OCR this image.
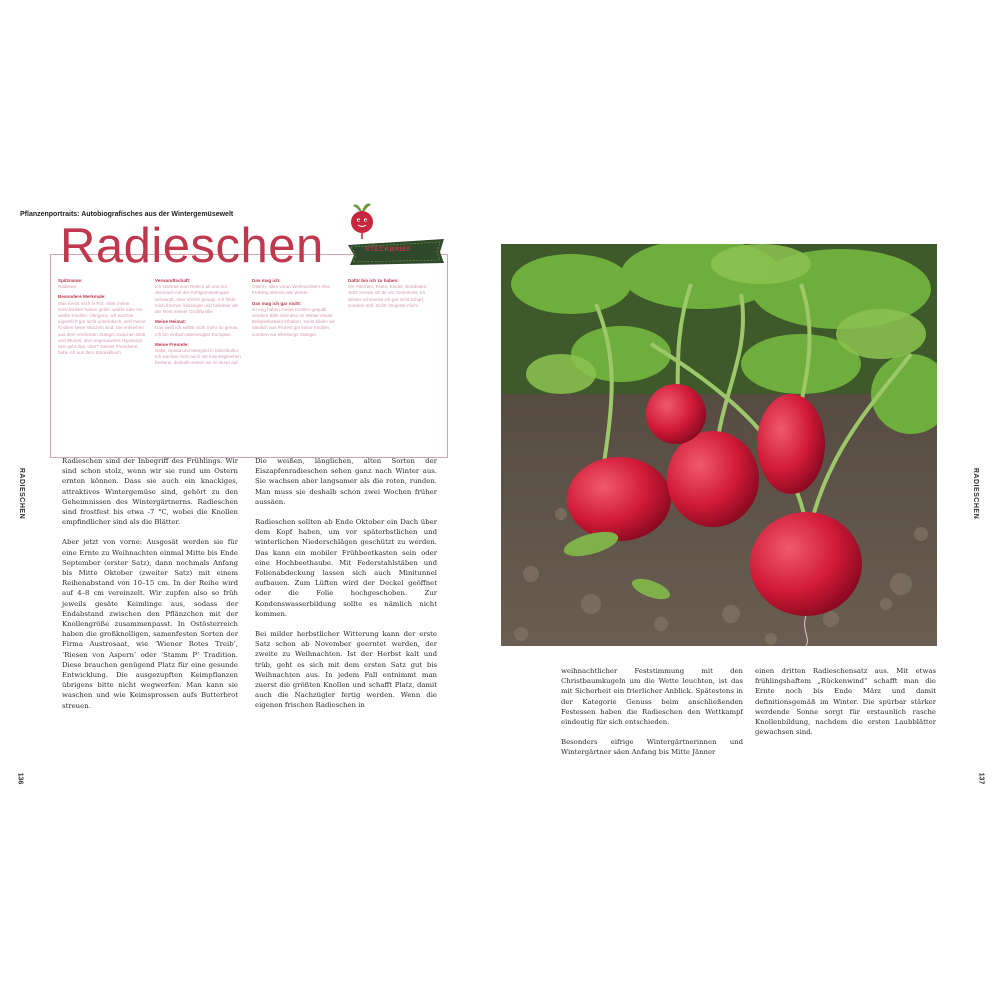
Pflanzenportraits: Autobiografisches aus der Wintergemüsewelt
RADIESCHEN	RADIESCHEN
136	137
Radieschen	STECKBRIEF
Spitzname:
Radieser
Besondere Merkmale:
Man kennt mich in Rot. Aber meine Geschwister haben gelbe, weiße oder rot-weiße Knollen. Übrigens: Ich wachse eigentlich gar nicht unterirdisch, weil meine Knollen keine Wurzeln sind. Sie entstehen aus dem verdickten Stängel zwischen Blatt und Wurzel, dem sogenannten Hypokotyl. Wie geht das, oder? Dieses Fremdwort habe ich aus dem Botanikbuch.
Verwandtschaft:
Ich stamme vom Rettich ab und bin demnach mit der Kohlgemüsetruppe verwandt. Aber ehrlich gesagt: Ich fühle mich frischer, knackiger und beliebter als der Rest meiner Großfamilie.
Meine Heimat:
Das weiß ich selbst nicht mehr so genau. Ich bin einfach überzeugter Europäer.
Meine Freunde:
Salat, Spinat und Mangold in Mischkultur. Ich wachse mich auch mit meinesgleichen bestens, deshalb setzen wir im Bund auf.
Das mag ich:
Ostern, allen voran Weihnachten! Also Frühling ebenso wie Winter.
Das mag ich gar nicht:
zu eng haben meine Knollen gequält werden! Bitte seid also im Winter etwas Beispiellastend erhalten, sonst bilden wir nämlich aus Protest gar keine Knollen, sondern nur ellenlange Stängel.
Dafür bin ich zu haben:
Sie Pärchen, Feste, Kinder, Brotdosen. Jetzt verrate ich dir ein Geheimnis: Im Winter schmecke ich gar nicht scharf, sondern süß. Echt! Vergesst mich!

Radieschen sind der Inbegriff des Frühlings. Wir sind schon stolz, wenn wir sie rund um Ostern ernten können. Dass sie auch ein knackiges, attraktives Wintergemüse sind, gehört zu den Geheimnissen des Wintergärtnerns. Radieschen sind frostfest bis etwa -7 °C, wobei die Knollen empfindlicher sind als die Blätter.

Aber jetzt von vorne: Ausgesät werden sie für eine Ernte zu Weihnachten einmal Mitte bis Ende September (erster Satz), dann nochmals Anfang bis Mitte Oktober (zweiter Satz) mit einem Reihenabstand von 10–15 cm. In der Reihe wird auf 4–8 cm vereinzelt. Wir zupfen also so früh jeweils gesäte Keimlinge aus, sodass der Endabstand zwischen den Pflänzchen mit der Knollengröße zusammenpasst. In Ostösterreich haben die großknolligen, samenfesten Sorten der Firma Austrosaat, wie ‘Wiener Rotes Treib’, ‘Riesen von Aspern’ oder ‘Stamm P’ Tradition. Diese brauchen genügend Platz für eine gesunde Entwicklung. Die ausgezupften Keimpflanzen übrigens bitte nicht wegwerfen. Man kann sie waschen und wie Keimsprossen aufs Butterbrot streuen.

Die weißen, länglichen, alten Sorten der Eiszapfenradieschen sehen ganz nach Winter aus. Sie wachsen aber langsamer als die roten, runden. Man muss sie deshalb schon zwei Wochen früher aussäen.

Radieschen sollten ab Ende Oktober ein Dach über dem Kopf haben, um vor späterbstlichen und winterlichen Niederschlägen geschützt zu werden. Das kann ein mobiler Frühbeetkasten sein oder eine Hochbeethaube. Mit Federstahlstäben und Folienabdeckung lassen sich auch Minitunnel aufbauen. Zum Lüften wird der Deckel geöffnet oder die Folie hochgeschoben. Zur Kondenswasserbildung sollte es nämlich nicht kommen.

Bei milder herbstlicher Witterung kann der erste Satz schon ab November geerntet werden, der zweite zu Weihnachten. Ist der Herbst kalt und trüb, geht es sich mit dem ersten Satz gut bis Weihnachten aus. In jedem Fall entnimmt man zuerst die größten Knollen und schafft Platz, damit auch die Nachzügler fertig werden. Wenn die eigenen frischen Radieschen in

weihnachtlicher Feststimmung mit den Christbaumkugeln um die Wette leuchten, ist das mit Sicherheit ein frierlicher Anblick. Spätestens in der Kategorie Genuss beim anschließenden Festessen haben die Radieschen den Wettkampf eindeutig für sich entschieden.

Besonders eifrige Wintergärtnerinnen und Wintergärtner säen Anfang bis Mitte Jänner

einen dritten Radieschensatz aus. Mit etwas frühlingshaftem „Rückenwind“ schafft man die Ernte noch bis Ende März und damit definitionsgemäß im Winter. Die spürbar stärker werdende Sonne sorgt für erstaunlich rasche Knollenbildung, nachdem die ersten Laubblätter gewachsen sind.
